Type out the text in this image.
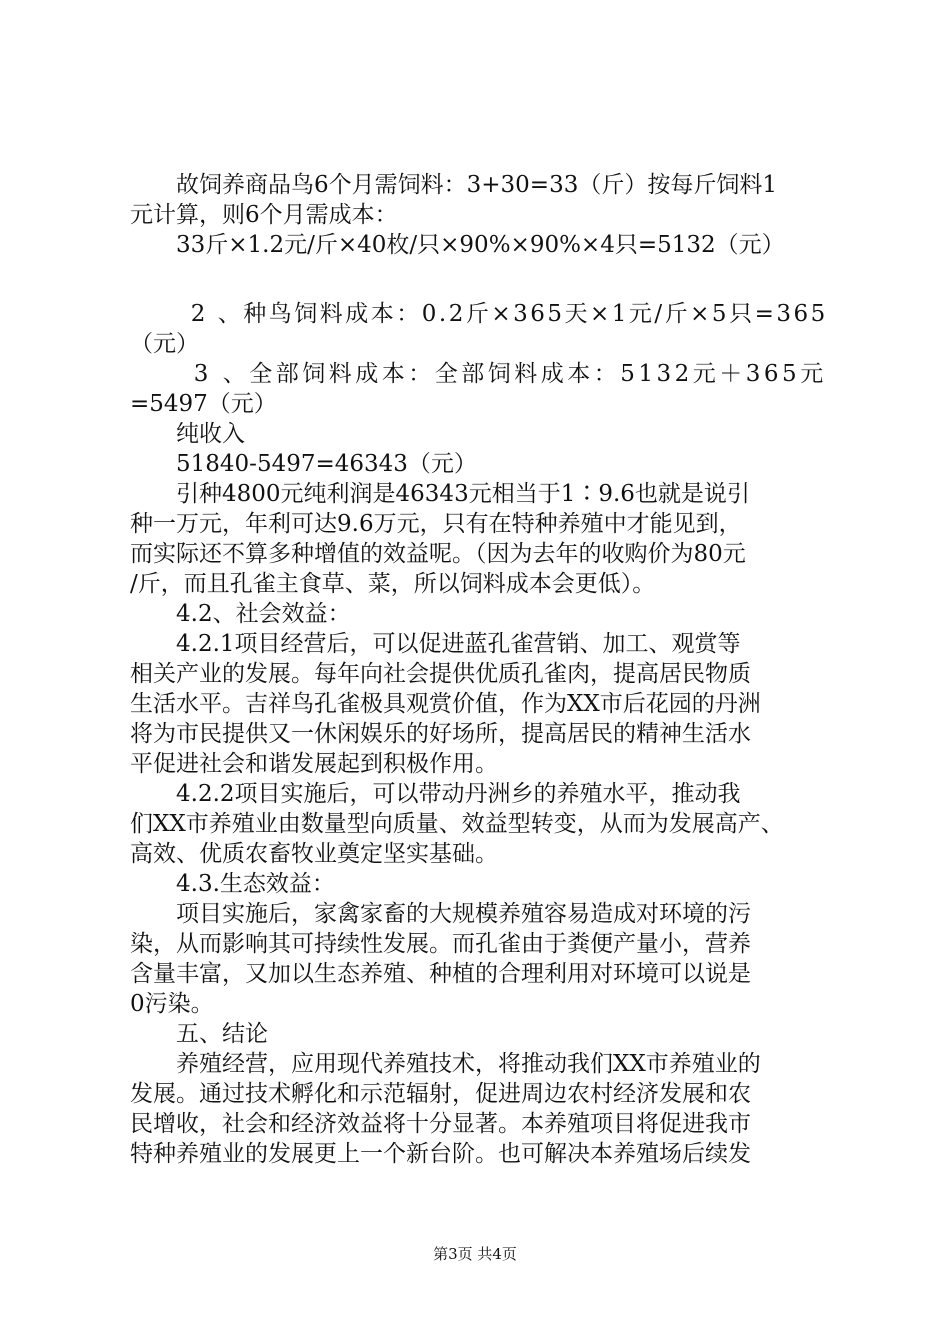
　　故饲养商品鸟6个月需饲料：3+30=33（斤）按每斤饲料1
元计算，则6个月需成本：
　　33斤×1.2元/斤×40枚/只×90%×90%×4只=5132（元）
　　 2 、种鸟饲料成本：0.2斤×365天×1元/斤×5只=365
（元）
　　 3 、全部饲料成本：全部饲料成本：5132元＋365元
=5497（元）
　　纯收入
　　51840-5497=46343（元）
　　引种4800元纯利润是46343元相当于1∶9.6也就是说引
种一万元，年利可达9.6万元，只有在特种养殖中才能见到，
而实际还不算多种增值的效益呢。（因为去年的收购价为80元
/斤，而且孔雀主食草、菜，所以饲料成本会更低）。
　　4.2、社会效益：
　　4.2.1项目经营后，可以促进蓝孔雀营销、加工、观赏等
相关产业的发展。每年向社会提供优质孔雀肉，提高居民物质
生活水平。吉祥鸟孔雀极具观赏价值，作为XX市后花园的丹洲
将为市民提供又一休闲娱乐的好场所，提高居民的精神生活水
平促进社会和谐发展起到积极作用。
　　4.2.2项目实施后，可以带动丹洲乡的养殖水平，推动我
们XX市养殖业由数量型向质量、效益型转变，从而为发展高产、
高效、优质农畜牧业奠定坚实基础。
　　4.3.生态效益：
　　项目实施后，家禽家畜的大规模养殖容易造成对环境的污
染，从而影响其可持续性发展。而孔雀由于粪便产量小，营养
含量丰富，又加以生态养殖、种植的合理利用对环境可以说是
0污染。
　　五、结论
　　养殖经营，应用现代养殖技术，将推动我们XX市养殖业的
发展。通过技术孵化和示范辐射，促进周边农村经济发展和农
民增收，社会和经济效益将十分显著。本养殖项目将促进我市
特种养殖业的发展更上一个新台阶。也可解决本养殖场后续发
第3页 共4页
